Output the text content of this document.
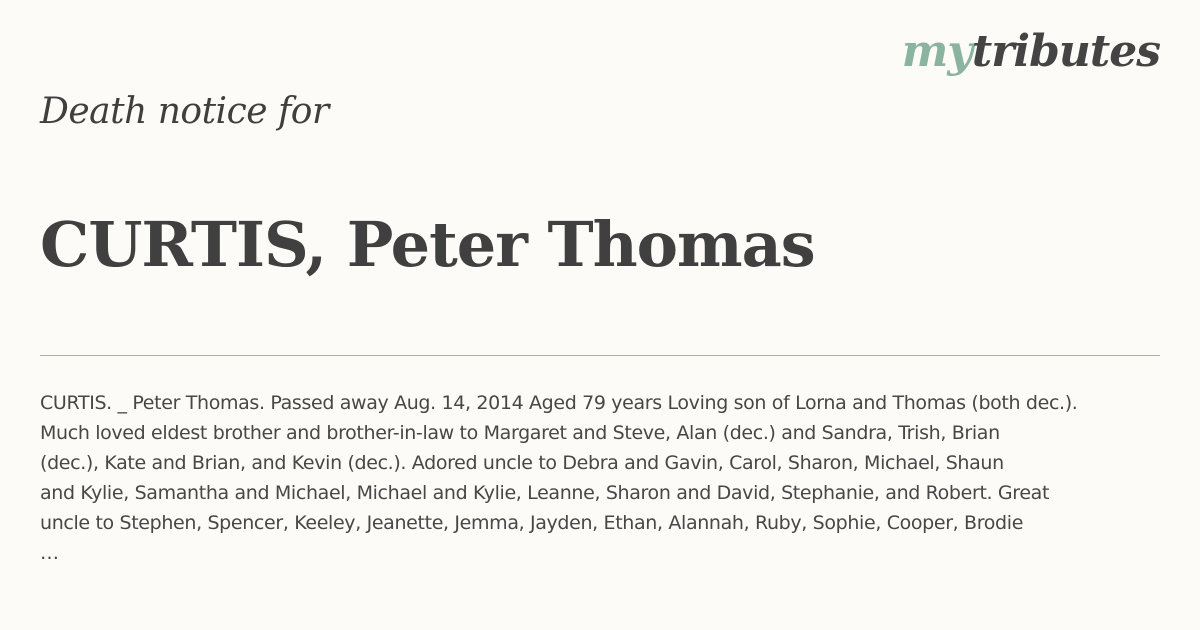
mytributes
Death notice for
CURTIS, Peter Thomas
CURTIS. _ Peter Thomas. Passed away Aug. 14, 2014 Aged 79 years Loving son of Lorna and Thomas (both dec.).
Much loved eldest brother and brother-in-law to Margaret and Steve, Alan (dec.) and Sandra, Trish, Brian
(dec.), Kate and Brian, and Kevin (dec.). Adored uncle to Debra and Gavin, Carol, Sharon, Michael, Shaun
and Kylie, Samantha and Michael, Michael and Kylie, Leanne, Sharon and David, Stephanie, and Robert. Great
uncle to Stephen, Spencer, Keeley, Jeanette, Jemma, Jayden, Ethan, Alannah, Ruby, Sophie, Cooper, Brodie
…
